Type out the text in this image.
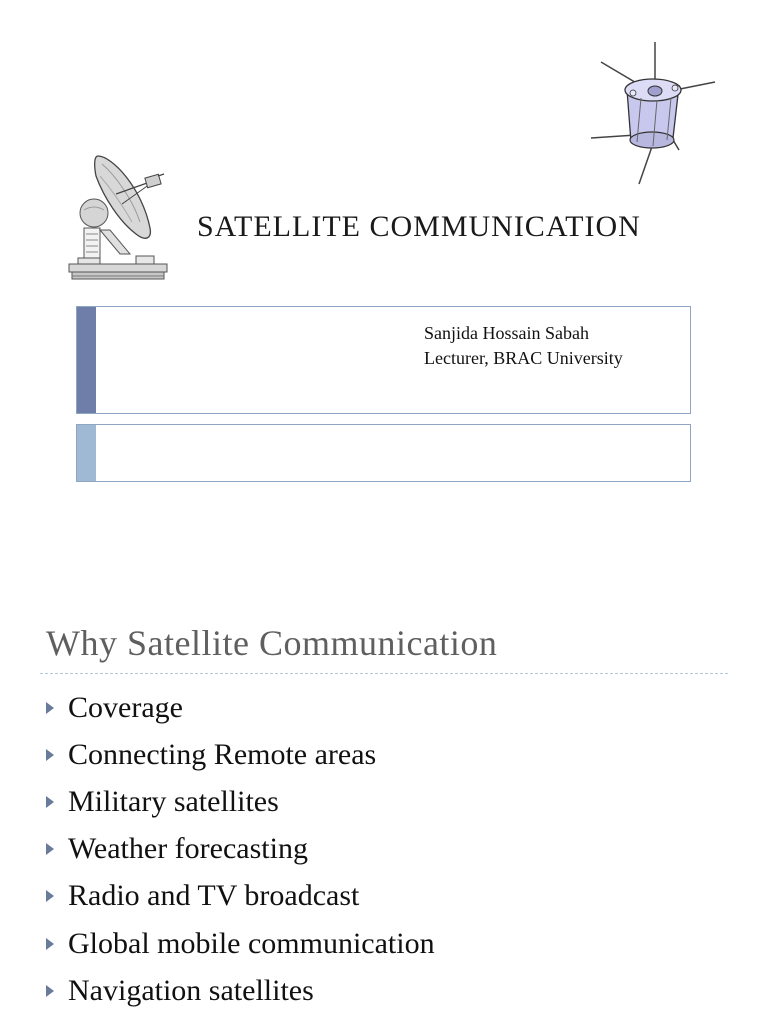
SATELLITE COMMUNICATION
Sanjida Hossain Sabah
Lecturer, BRAC University
Why Satellite Communication
Coverage
Connecting Remote areas
Military satellites
Weather forecasting
Radio and TV broadcast
Global mobile communication
Navigation satellites
